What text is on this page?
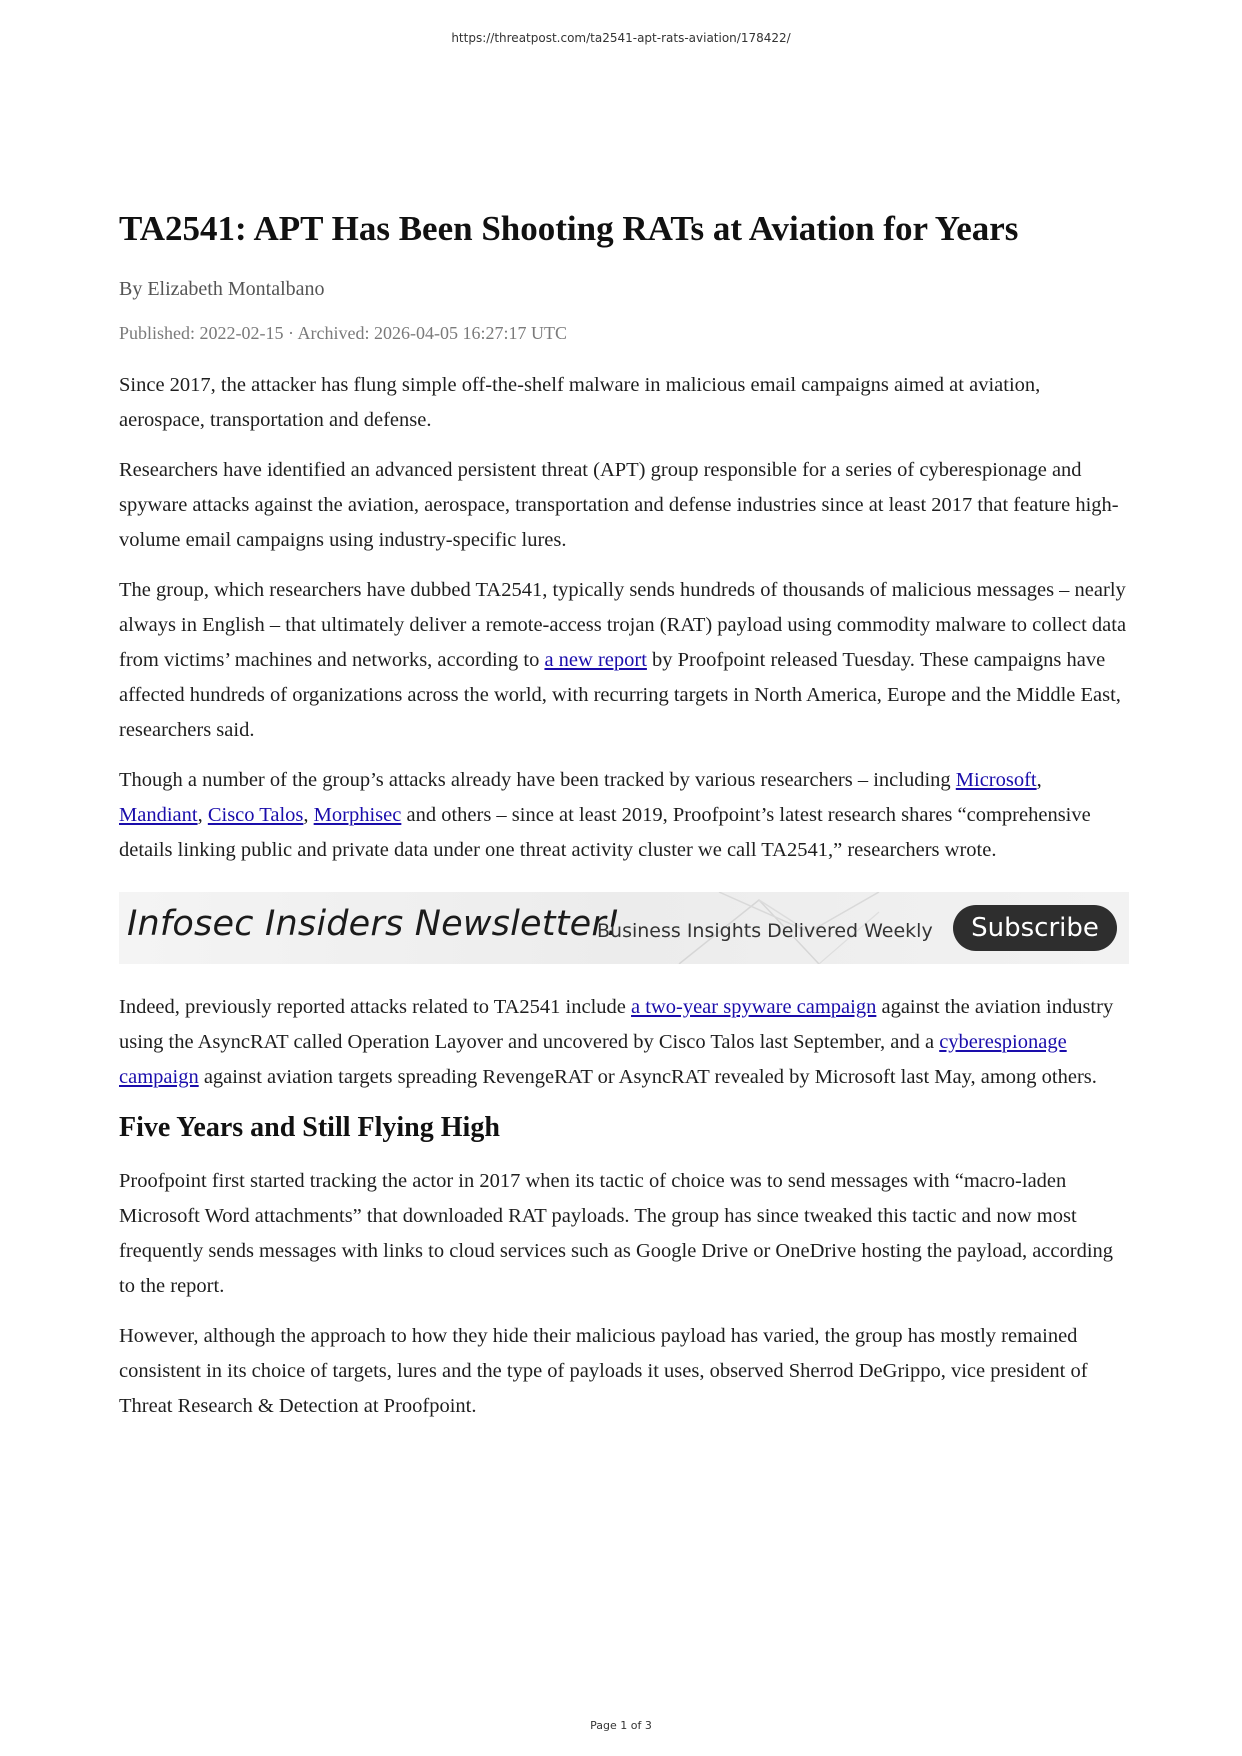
https://threatpost.com/ta2541-apt-rats-aviation/178422/
TA2541: APT Has Been Shooting RATs at Aviation for Years
By Elizabeth Montalbano
Published: 2022-02-15 · Archived: 2026-04-05 16:27:17 UTC

Since 2017, the attacker has flung simple off-the-shelf malware in malicious email campaigns aimed at aviation, aerospace, transportation and defense.

Researchers have identified an advanced persistent threat (APT) group responsible for a series of cyberespionage and spyware attacks against the aviation, aerospace, transportation and defense industries since at least 2017 that feature high-volume email campaigns using industry-specific lures.

The group, which researchers have dubbed TA2541, typically sends hundreds of thousands of malicious messages – nearly always in English – that ultimately deliver a remote-access trojan (RAT) payload using commodity malware to collect data from victims’ machines and networks, according to a new report by Proofpoint released Tuesday. These campaigns have affected hundreds of organizations across the world, with recurring targets in North America, Europe and the Middle East, researchers said.

Though a number of the group’s attacks already have been tracked by various researchers – including Microsoft, Mandiant, Cisco Talos, Morphisec and others – since at least 2019, Proofpoint’s latest research shares “comprehensive details linking public and private data under one threat activity cluster we call TA2541,” researchers wrote.

Infosec Insiders Newsletter!
Business Insights Delivered Weekly	Subscribe

Indeed, previously reported attacks related to TA2541 include a two-year spyware campaign against the aviation industry using the AsyncRAT called Operation Layover and uncovered by Cisco Talos last September, and a cyberespionage campaign against aviation targets spreading RevengeRAT or AsyncRAT revealed by Microsoft last May, among others.

Five Years and Still Flying High

Proofpoint first started tracking the actor in 2017 when its tactic of choice was to send messages with “macro-laden Microsoft Word attachments” that downloaded RAT payloads. The group has since tweaked this tactic and now most frequently sends messages with links to cloud services such as Google Drive or OneDrive hosting the payload, according to the report.

However, although the approach to how they hide their malicious payload has varied, the group has mostly remained consistent in its choice of targets, lures and the type of payloads it uses, observed Sherrod DeGrippo, vice president of Threat Research & Detection at Proofpoint.

Page 1 of 3
